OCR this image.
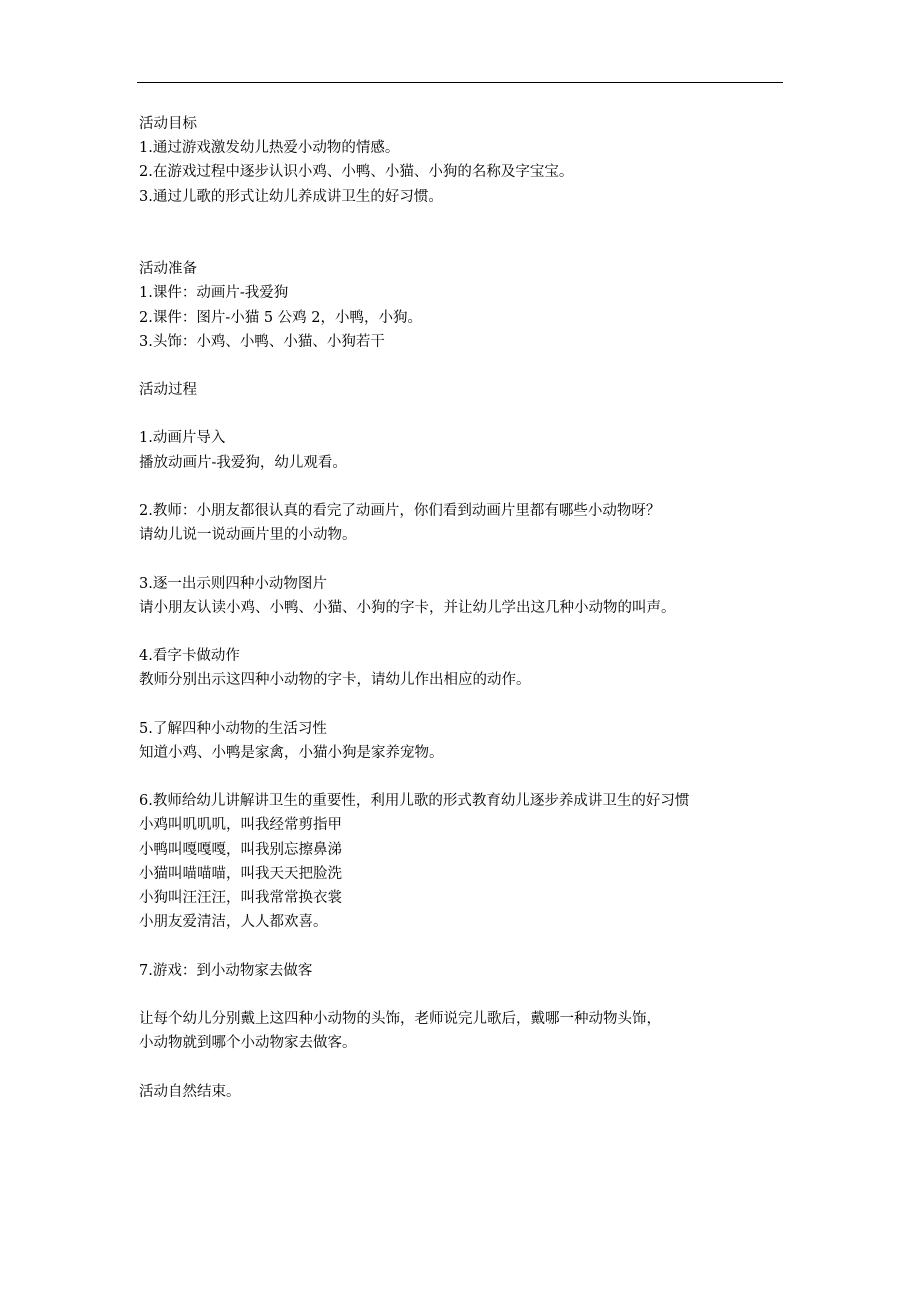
活动目标

1.通过游戏激发幼儿热爱小动物的情感。

2.在游戏过程中逐步认识小鸡、小鸭、小猫、小狗的名称及字宝宝。

3.通过儿歌的形式让幼儿养成讲卫生的好习惯。

活动准备

1.课件：动画片-我爱狗

2.课件：图片-小猫 5 公鸡 2，小鸭，小狗。

3.头饰：小鸡、小鸭、小猫、小狗若干

活动过程

1.动画片导入

播放动画片-我爱狗，幼儿观看。

2.教师：小朋友都很认真的看完了动画片，你们看到动画片里都有哪些小动物呀？

请幼儿说一说动画片里的小动物。

3.逐一出示则四种小动物图片

请小朋友认读小鸡、小鸭、小猫、小狗的字卡，并让幼儿学出这几种小动物的叫声。

4.看字卡做动作

教师分别出示这四种小动物的字卡，请幼儿作出相应的动作。

5.了解四种小动物的生活习性

知道小鸡、小鸭是家禽，小猫小狗是家养宠物。

6.教师给幼儿讲解讲卫生的重要性，利用儿歌的形式教育幼儿逐步养成讲卫生的好习惯

小鸡叫叽叽叽，叫我经常剪指甲

小鸭叫嘎嘎嘎，叫我别忘擦鼻涕

小猫叫喵喵喵，叫我天天把脸洗

小狗叫汪汪汪，叫我常常换衣裳

小朋友爱清洁，人人都欢喜。

7.游戏：到小动物家去做客

让每个幼儿分别戴上这四种小动物的头饰，老师说完儿歌后，戴哪一种动物头饰，

小动物就到哪个小动物家去做客。

活动自然结束。
